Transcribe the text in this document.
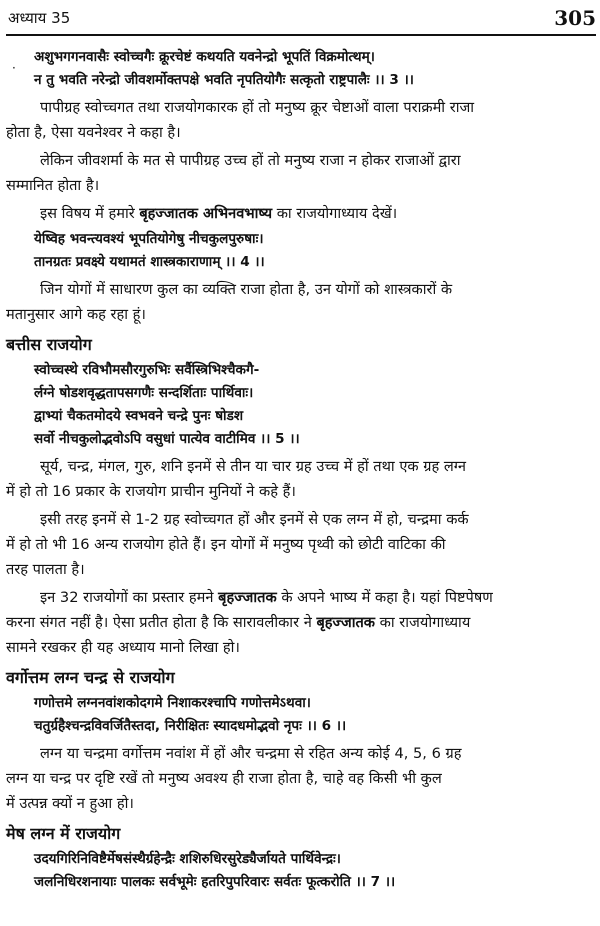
अध्याय 35	305
·
अशुभगगनवासैः स्वोच्चगैः क्रूरचेष्टं कथयति यवनेन्द्रो भूपतिं विक्रमोत्थम्।
न तु भवति नरेन्द्रो जीवशर्मोक्तपक्षे भवति नृपतियोगैः सत्कृतो राष्ट्रपालैः ।। 3 ।।
पापीग्रह स्वोच्चगत तथा राजयोगकारक हों तो मनुष्य क्रूर चेष्टाओं वाला पराक्रमी राजा
होता है, ऐसा यवनेश्वर ने कहा है।
लेकिन जीवशर्मा के मत से पापीग्रह उच्च हों तो मनुष्य राजा न होकर राजाओं द्वारा
सम्मानित होता है।
इस विषय में हमारे बृहज्जातक अभिनवभाष्य का राजयोगाध्याय देखें।
येष्विह भवन्त्यवश्यं भूपतियोगेषु नीचकुलपुरुषाः।
तानग्रतः प्रवक्ष्ये यथामतं शास्त्रकाराणाम् ।। 4 ।।
जिन योगों में साधारण कुल का व्यक्ति राजा होता है, उन योगों को शास्त्रकारों के
मतानुसार आगे कह रहा हूं।
बत्तीस राजयोग
स्वोच्चस्थे रविभौमसौरगुरुभिः सर्वैस्त्रिभिश्चैकगै-
र्लग्ने षोडशवृद्धतापसगणैः सन्दर्शिताः पार्थिवाः।
द्वाभ्यां चैकतमोदये स्वभवने चन्द्रे पुनः षोडश
सर्वो नीचकुलोद्भवोऽपि वसुधां पात्येव वाटीमिव ।। 5 ।।
सूर्य, चन्द्र, मंगल, गुरु, शनि इनमें से तीन या चार ग्रह उच्च में हों तथा एक ग्रह लग्न
में हो तो 16 प्रकार के राजयोग प्राचीन मुनियों ने कहे हैं।
इसी तरह इनमें से 1-2 ग्रह स्वोच्चगत हों और इनमें से एक लग्न में हो, चन्द्रमा कर्क
में हो तो भी 16 अन्य राजयोग होते हैं। इन योगों में मनुष्य पृथ्वी को छोटी वाटिका की
तरह पालता है।
इन 32 राजयोगों का प्रस्तार हमने बृहज्जातक के अपने भाष्य में कहा है। यहां पिष्टपेषण
करना संगत नहीं है। ऐसा प्रतीत होता है कि सारावलीकार ने बृहज्जातक का राजयोगाध्याय
सामने रखकर ही यह अध्याय मानो लिखा हो।
वर्गोत्तम लग्न चन्द्र से राजयोग
गणोत्तमे लग्ननवांशकोदगमे निशाकरश्चापि गणोत्तमेऽथवा।
चतुर्ग्रहैश्चन्द्रविवर्जितैस्तदा, निरीक्षितः स्यादधमोद्भवो नृपः ।। 6 ।।
लग्न या चन्द्रमा वर्गोत्तम नवांश में हों और चन्द्रमा से रहित अन्य कोई 4, 5, 6 ग्रह
लग्न या चन्द्र पर दृष्टि रखें तो मनुष्य अवश्य ही राजा होता है, चाहे वह किसी भी कुल
में उत्पन्न क्यों न हुआ हो।
मेष लग्न में राजयोग
उदयगिरिनिविष्टैर्मेषसंस्थैर्ग्रहेन्द्रैः शशिरुधिरसुरेड्यैर्जायते पार्थिवेन्द्रः।
जलनिधिरशनायाः पालकः सर्वभूमेः हतरिपुपरिवारः सर्वतः फूत्करोति ।। 7 ।।
